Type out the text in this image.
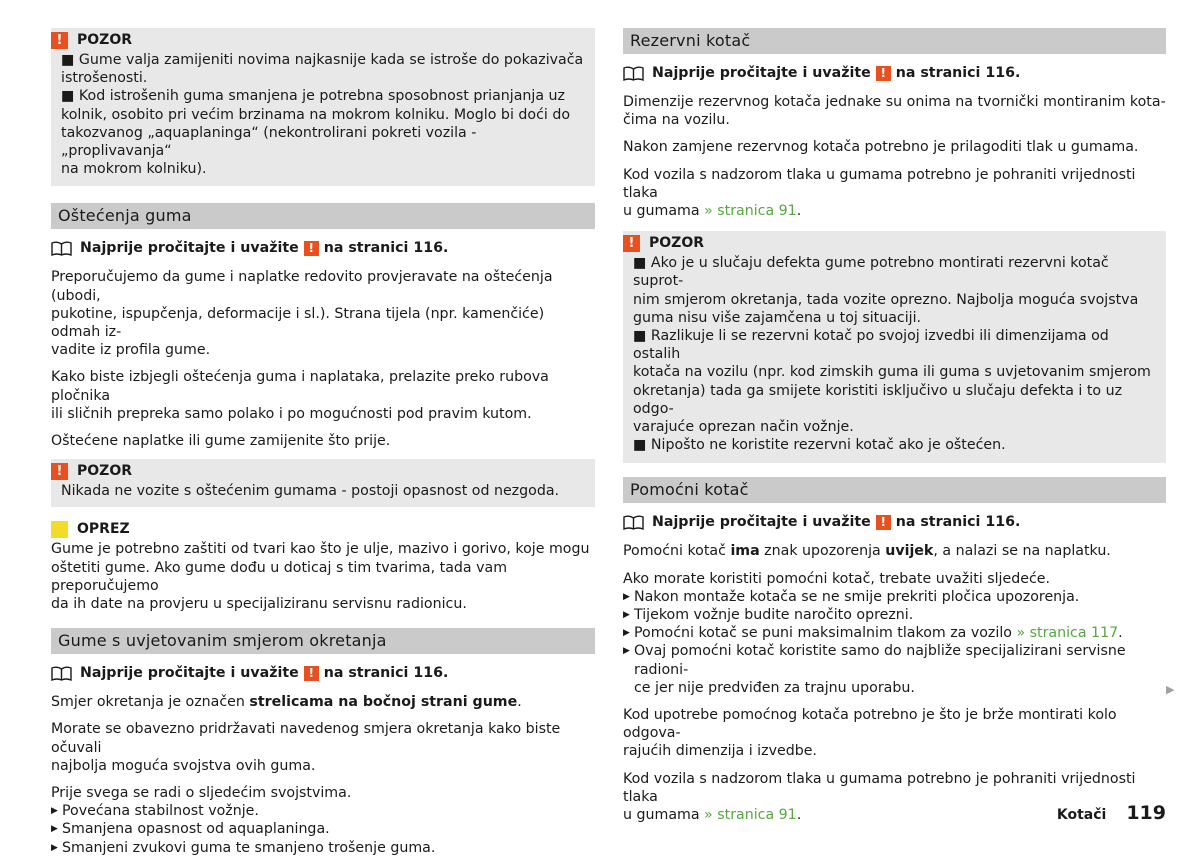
!	POZOR
■ Gume valja zamijeniti novima najkasnije kada se istroše do pokazivača
istrošenosti.
■ Kod istrošenih guma smanjena je potrebna sposobnost prianjanja uz
kolnik, osobito pri većim brzinama na mokrom kolniku. Moglo bi doći do
takozvanog „aquaplaninga“ (nekontrolirani pokreti vozila - „proplivavanja“
na mokrom kolniku).
Oštećenja guma
Najprije pročitajte i uvažite ! na stranici 116.
Preporučujemo da gume i naplatke redovito provjeravate na oštećenja (ubodi,
pukotine, ispupčenja, deformacije i sl.). Strana tijela (npr. kamenčiće) odmah iz-
vadite iz profila gume.
Kako biste izbjegli oštećenja guma i naplataka, prelazite preko rubova pločnika
ili sličnih prepreka samo polako i po mogućnosti pod pravim kutom.
Oštećene naplatke ili gume zamijenite što prije.
!	POZOR
Nikada ne vozite s oštećenim gumama - postoji opasnost od nezgoda.
OPREZ
Gume je potrebno zaštiti od tvari kao što je ulje, mazivo i gorivo, koje mogu
oštetiti gume. Ako gume dođu u doticaj s tim tvarima, tada vam preporučujemo
da ih date na provjeru u specijaliziranu servisnu radionicu.
Gume s uvjetovanim smjerom okretanja
Najprije pročitajte i uvažite ! na stranici 116.
Smjer okretanja je označen strelicama na bočnoj strani gume.
Morate se obavezno pridržavati navedenog smjera okretanja kako biste očuvali
najbolja moguća svojstva ovih guma.
Prije svega se radi o sljedećim svojstvima.
▶ Povećana stabilnost vožnje.
▶ Smanjena opasnost od aquaplaninga.
▶ Smanjeni zvukovi guma te smanjeno trošenje guma.
Rezervni kotač
Najprije pročitajte i uvažite ! na stranici 116.
Dimenzije rezervnog kotača jednake su onima na tvornički montiranim kota-
čima na vozilu.
Nakon zamjene rezervnog kotača potrebno je prilagoditi tlak u gumama.
Kod vozila s nadzorom tlaka u gumama potrebno je pohraniti vrijednosti tlaka
u gumama » stranica 91.
!	POZOR
■ Ako je u slučaju defekta gume potrebno montirati rezervni kotač suprot-
nim smjerom okretanja, tada vozite oprezno. Najbolja moguća svojstva
guma nisu više zajamčena u toj situaciji.
■ Razlikuje li se rezervni kotač po svojoj izvedbi ili dimenzijama od ostalih
kotača na vozilu (npr. kod zimskih guma ili guma s uvjetovanim smjerom
okretanja) tada ga smijete koristiti isključivo u slučaju defekta i to uz odgo-
varajuće oprezan način vožnje.
■ Nipošto ne koristite rezervni kotač ako je oštećen.
Pomoćni kotač
Najprije pročitajte i uvažite ! na stranici 116.
Pomoćni kotač ima znak upozorenja uvijek, a nalazi se na naplatku.
Ako morate koristiti pomoćni kotač, trebate uvažiti sljedeće.
▶ Nakon montaže kotača se ne smije prekriti pločica upozorenja.
▶ Tijekom vožnje budite naročito oprezni.
▶ Pomoćni kotač se puni maksimalnim tlakom za vozilo » stranica 117.
▶ Ovaj pomoćni kotač koristite samo do najbliže specijalizirani servisne radioni-
ce jer nije predviđen za trajnu uporabu.
Kod upotrebe pomoćnog kotača potrebno je što je brže montirati kolo odgova-
rajućih dimenzija i izvedbe.
Kod vozila s nadzorom tlaka u gumama potrebno je pohraniti vrijednosti tlaka
u gumama » stranica 91.
▶
Kotači 119
